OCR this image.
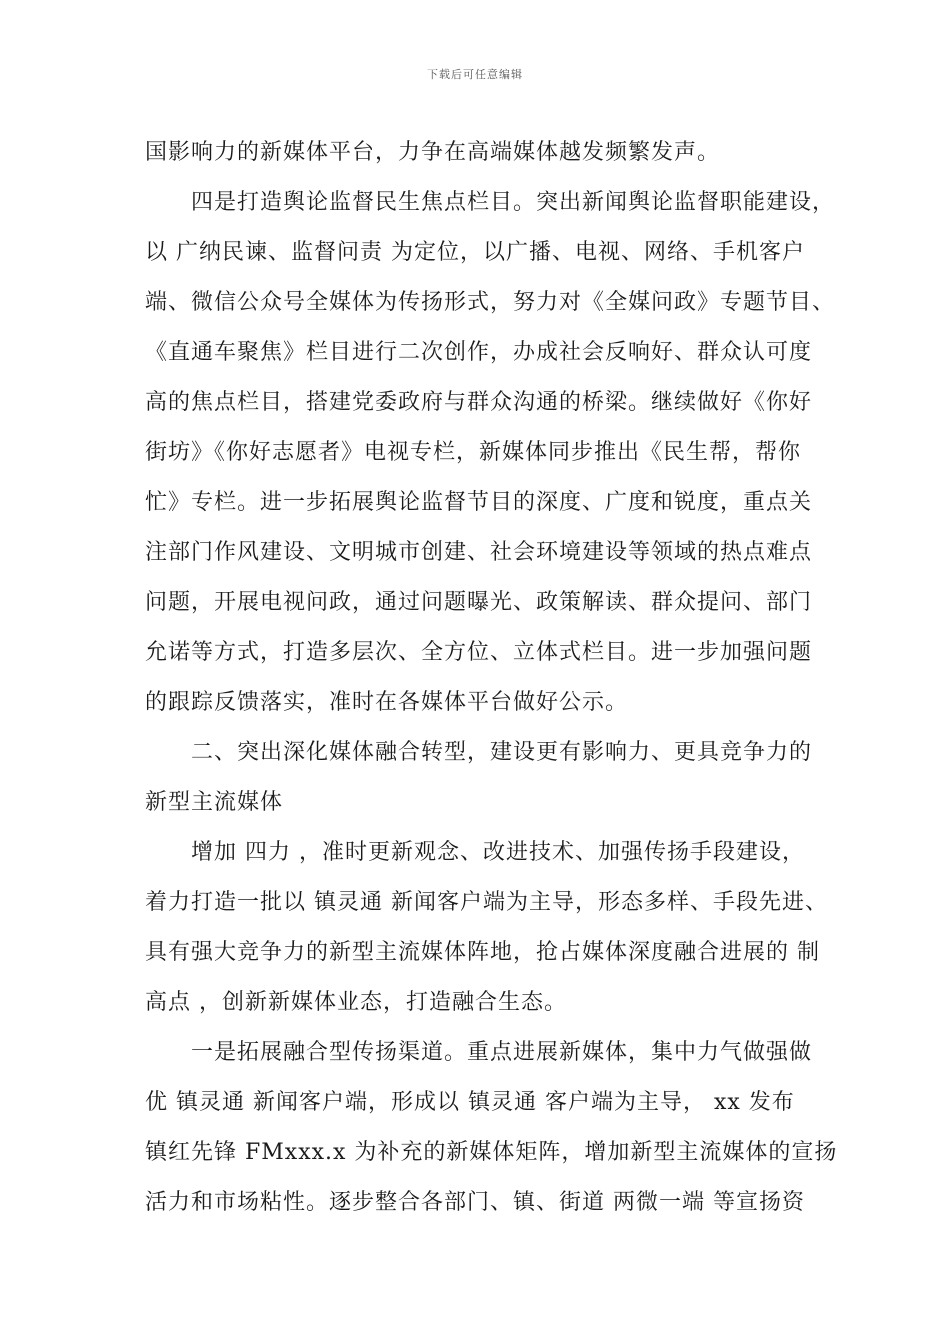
下载后可任意编辑
国影响力的新媒体平台，力争在高端媒体越发频繁发声。
四是打造舆论监督民生焦点栏目。突出新闻舆论监督职能建设，
以 广纳民谏、监督问责 为定位，以广播、电视、网络、手机客户
端、微信公众号全媒体为传扬形式，努力对《全媒问政》专题节目、
《直通车聚焦》栏目进行二次创作，办成社会反响好、群众认可度
高的焦点栏目，搭建党委政府与群众沟通的桥梁。继续做好《你好
街坊》《你好志愿者》电视专栏，新媒体同步推出《民生帮，帮你
忙》专栏。进一步拓展舆论监督节目的深度、广度和锐度，重点关
注部门作风建设、文明城市创建、社会环境建设等领域的热点难点
问题，开展电视问政，通过问题曝光、政策解读、群众提问、部门
允诺等方式，打造多层次、全方位、立体式栏目。进一步加强问题
的跟踪反馈落实，准时在各媒体平台做好公示。
二、突出深化媒体融合转型，建设更有影响力、更具竞争力的
新型主流媒体
增加 四力 ，准时更新观念、改进技术、加强传扬手段建设，
着力打造一批以 镇灵通 新闻客户端为主导，形态多样、手段先进、
具有强大竞争力的新型主流媒体阵地，抢占媒体深度融合进展的 制
高点 ，创新新媒体业态，打造融合生态。
一是拓展融合型传扬渠道。重点进展新媒体，集中力气做强做
优 镇灵通 新闻客户端，形成以 镇灵通 客户端为主导， xx 发布
镇红先锋 FMxxx.x 为补充的新媒体矩阵，增加新型主流媒体的宣扬
活力和市场粘性。逐步整合各部门、镇、街道 两微一端 等宣扬资
